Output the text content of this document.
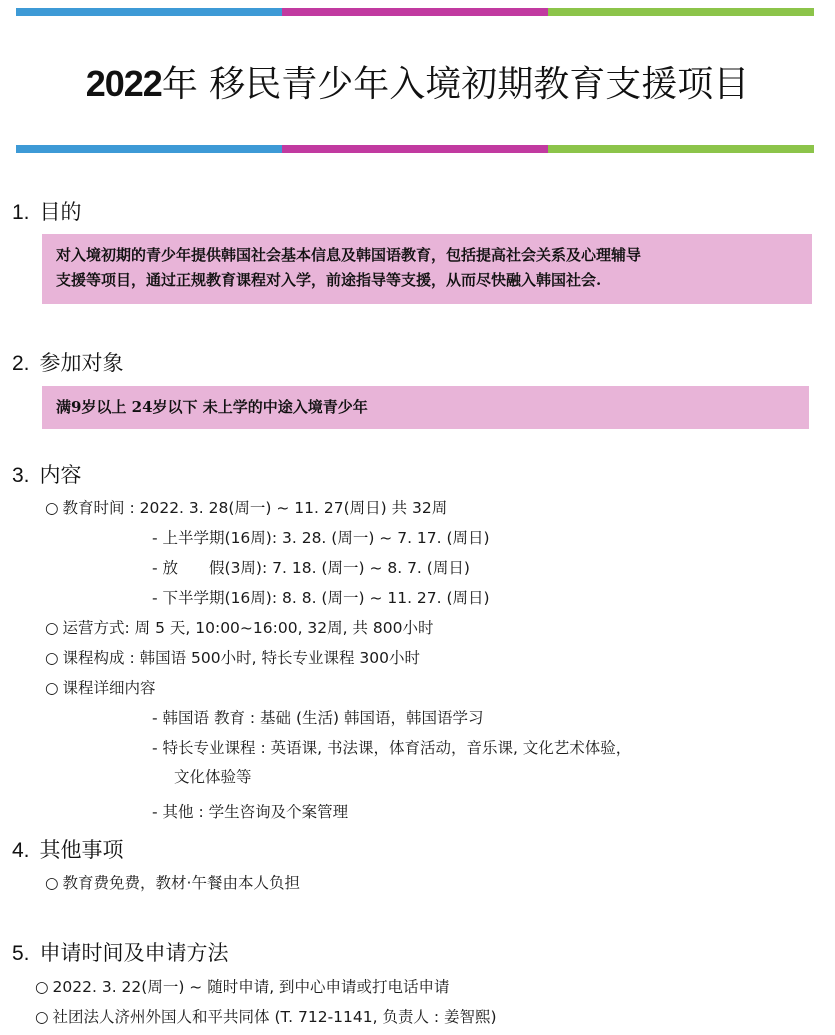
2022年 移民青少年入境初期教育支援项目
1. 目的
对入境初期的青少年提供韩国社会基本信息及韩国语教育，包括提高社会关系及心理辅导
支援等项目，通过正规教育课程对入学，前途指导等支援，从而尽快融入韩国社会.
2. 参加对象
满9岁以上 24岁以下 未上学的中途入境青少年
3. 内容
○ 教育时间 : 2022. 3. 28(周一) ~ 11. 27(周日) 共 32周
- 上半学期(16周): 3. 28. (周一) ~ 7. 17. (周日)
- 放　　假(3周): 7. 18. (周一) ~ 8. 7. (周日)
- 下半学期(16周): 8. 8. (周一) ~ 11. 27. (周日)
○ 运营方式: 周 5 天, 10:00~16:00, 32周, 共 800小时
○ 课程构成 : 韩国语 500小时, 特长专业课程 300小时
○ 课程详细内容
- 韩国语 教育 : 基础 (生活) 韩国语，韩国语学习
- 特长专业课程 : 英语课, 书法课，体育活动，音乐课, 文化艺术体验，
文化体验等
- 其他 : 学生咨询及个案管理
4. 其他事项
○ 教育费免费，教材·午餐由本人负担
5. 申请时间及申请方法
○ 2022. 3. 22(周一) ~ 随时申请, 到中心申请或打电话申请
○ 社团法人济州外国人和平共同体 (T. 712-1141, 负责人 : 姜智熙)
